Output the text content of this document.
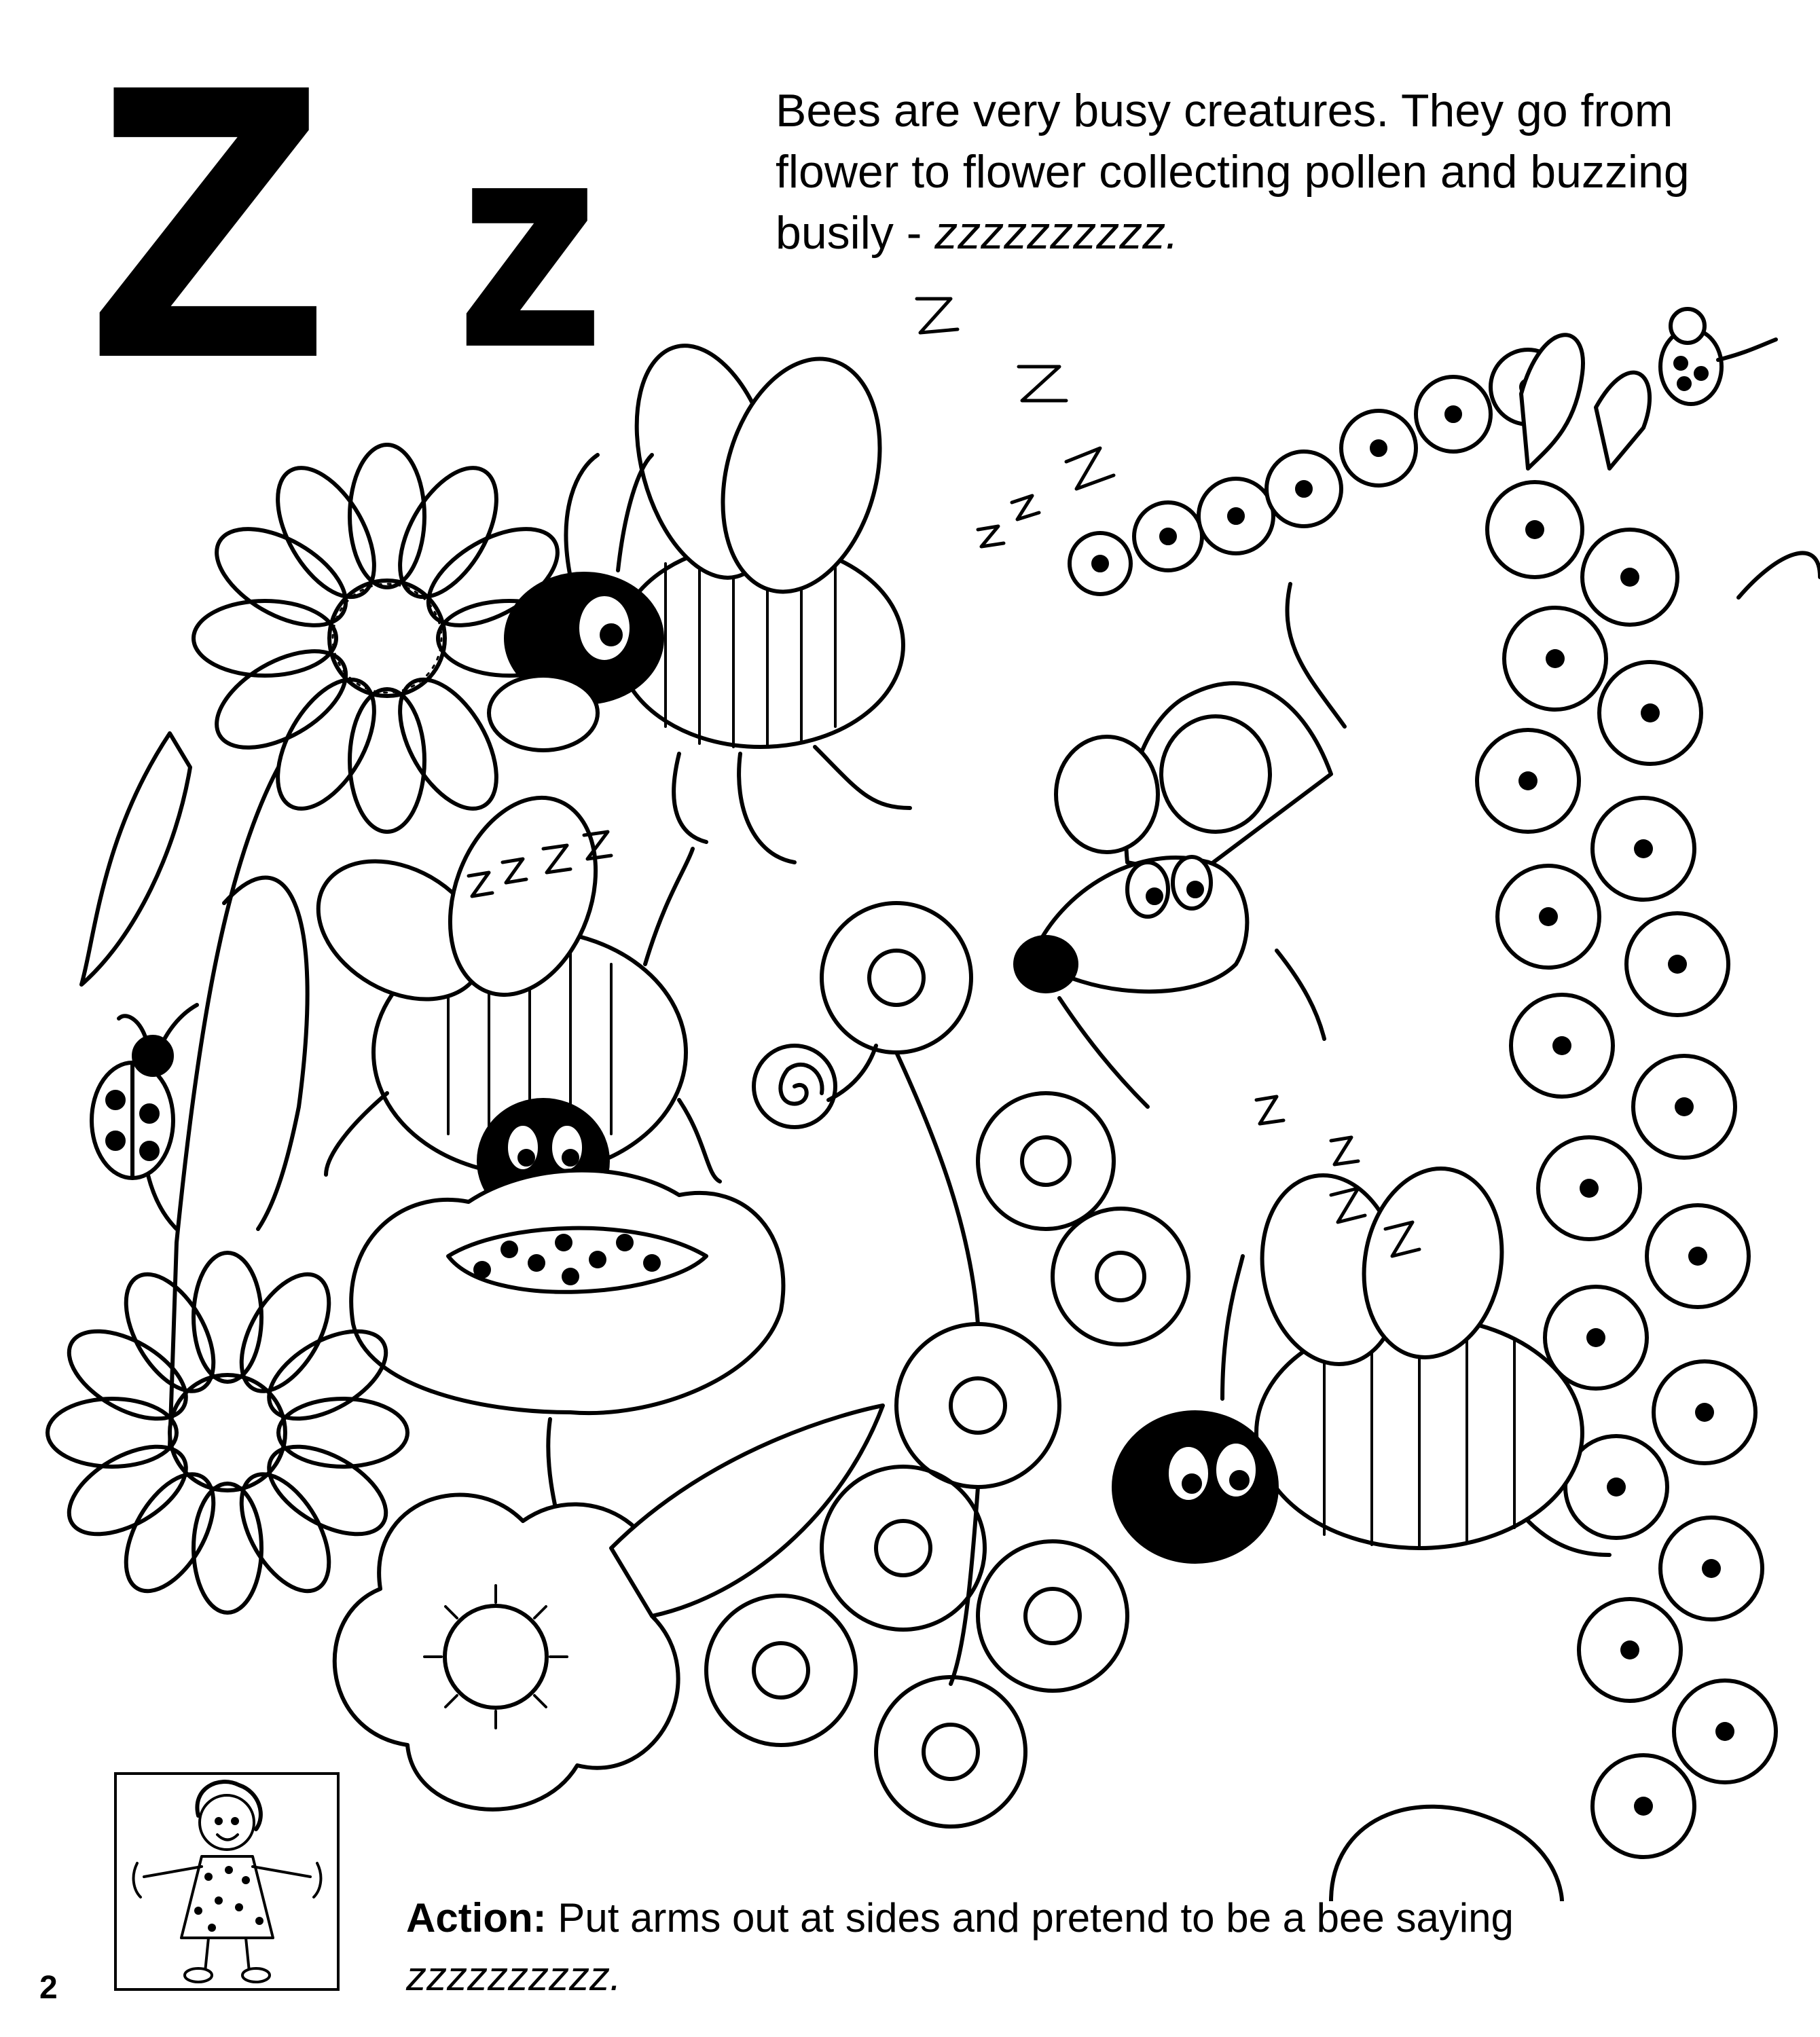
Z z	Bees are very busy creatures. They go from flower to flower collecting pollen and buzzing busily - zzzzzzzzzz.

Action: Put arms out at sides and pretend to be a bee saying zzzzzzzzzz.

2
